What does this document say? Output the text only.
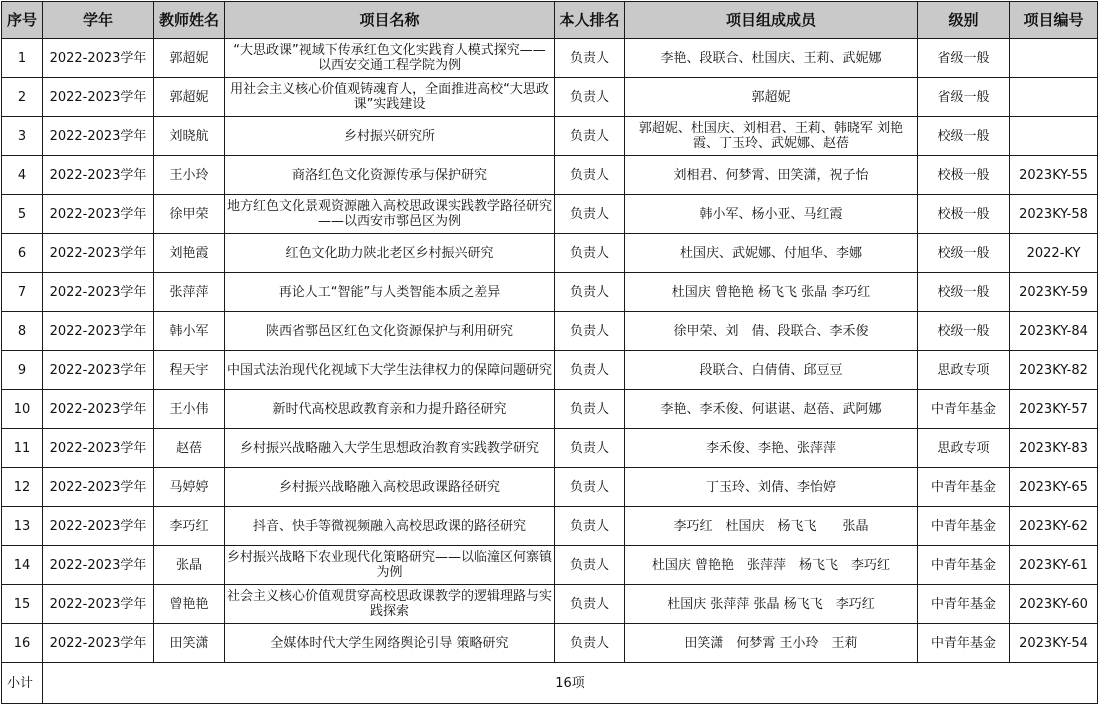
序号	学年	教师姓名	项目名称	本人排名	项目组成成员	级别	项目编号
1	2022-2023学年	郭超妮	“大思政课”视域下传承红色文化实践育人模式探究——　　以西安交通工程学院为例	负责人	李艳、段联合、杜国庆、王莉、武妮娜	省级一般	
2	2022-2023学年	郭超妮	用社会主义核心价值观铸魂育人，全面推进高校“大思政课”实践建设	负责人	郭超妮	省级一般	
3	2022-2023学年	刘晓航	乡村振兴研究所	负责人	郭超妮、杜国庆、刘相君、王莉、韩晓军 刘艳霞、丁玉玲、武妮娜、赵蓓	校级一般	
4	2022-2023学年	王小玲	商洛红色文化资源传承与保护研究	负责人	刘相君、何梦霄、田笑潇，祝子怡	校极一般	2023KY-55
5	2022-2023学年	徐甲荣	地方红色文化景观资源融入高校思政课实践教学路径研究——以西安市鄠邑区为例	负责人	韩小军、杨小亚、马红霞	校极一般	2023KY-58
6	2022-2023学年	刘艳霞	红色文化助力陕北老区乡村振兴研究	负责人	杜国庆、武妮娜、付旭华、李娜	校级一般	2022-KY
7	2022-2023学年	张萍萍	再论人工“智能”与人类智能本质之差异	负责人	杜国庆 曾艳艳 杨飞飞 张晶 李巧红	校级一般	2023KY-59
8	2022-2023学年	韩小军	陕西省鄠邑区红色文化资源保护与利用研究	负责人	徐甲荣、刘　倩、段联合、李禾俊	校级一般	2023KY-84
9	2022-2023学年	程天宇	中国式法治现代化视域下大学生法律权力的保障问题研究	负责人	段联合、白倩倩、邱豆豆	思政专项	2023KY-82
10	2022-2023学年	王小伟	新时代高校思政教育亲和力提升路径研究	负责人	李艳、李禾俊、何谌谌、赵蓓、武阿娜	中青年基金	2023KY-57
11	2022-2023学年	赵蓓	乡村振兴战略融入大学生思想政治教育实践教学研究	负责人	李禾俊、李艳、张萍萍	思政专项	2023KY-83
12	2022-2023学年	马婷婷	乡村振兴战略融入高校思政课路径研究	负责人	丁玉玲、刘倩、李怡婷	中青年基金	2023KY-65
13	2022-2023学年	李巧红	抖音、快手等微视频融入高校思政课的路径研究	负责人	李巧红　杜国庆　杨飞飞　　张晶	中青年基金	2023KY-62
14	2022-2023学年	张晶	乡村振兴战略下农业现代化策略研究——以临潼区何寨镇为例	负责人	杜国庆 曾艳艳　张萍萍　杨飞飞　李巧红	中青年基金	2023KY-61
15	2022-2023学年	曾艳艳	社会主义核心价值观贯穿高校思政课教学的逻辑理路与实践探索	负责人	杜国庆 张萍萍 张晶 杨飞飞　李巧红	中青年基金	2023KY-60
16	2022-2023学年	田笑潇	全媒体时代大学生网络舆论引导 策略研究	负责人	田笑潇　何梦霄 王小玲　王莉	中青年基金	2023KY-54
小计	16项						
